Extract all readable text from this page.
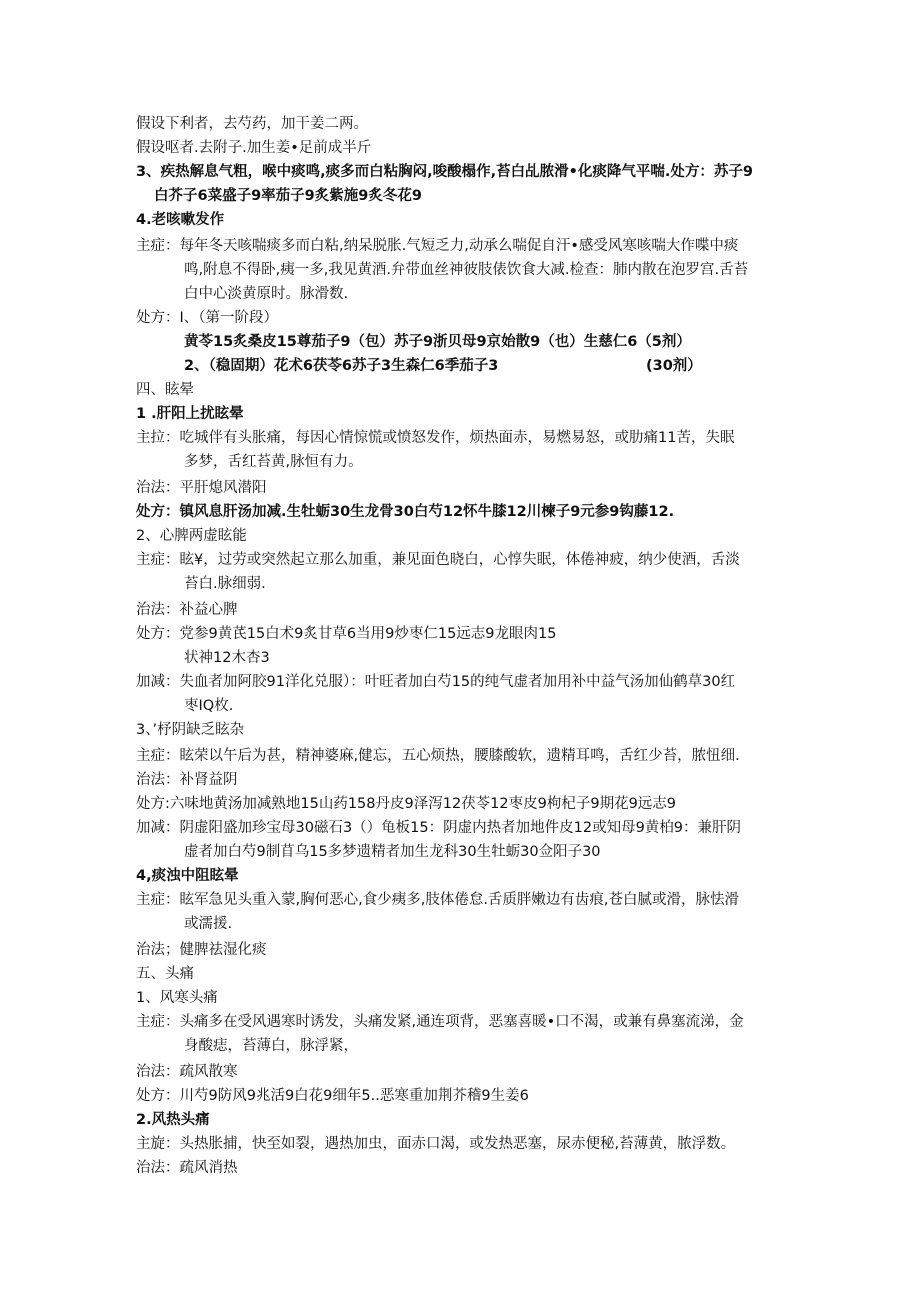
假设下利者，去芍药，加干姜二两。
假设呕者.去附子.加生姜•足前成半斤
3、疾热解息气粗，喉中痰鸣,痰多而白粘胸闷,唆酸榻作,苔白乩脓滑•化痰降气平喘.处方：苏子9
白芥子6菜盛子9率茄子9炙紫施9炙冬花9
4.老咳嗽发作
主症：每年冬天咳喘痰多而白粘,纳呆脱胀.气短乏力,动承么喘促自汗•感受风寒咳喘大作喋中痰
鸣,附息不得卧,痍一多,我见黄酒.弁带血丝神彼肢俵饮食大减.检查：肺内散在泡罗宫.舌苔
白中心淡黄原时。脉滑数.
处方：I、（第一阶段）
黄苓15炙桑皮15尊茄子9（包）苏子9浙贝母9京始散9（也）生慈仁6（5剂）
2、（稳固期）花术6茯苓6苏子3生森仁6季茄子3	(30剂）
四、眩晕
1 .肝阳上扰眩晕
主拉：吃城伴有头胀痛，每因心情惊慌或愤怒发作，烦热面赤，易燃易怒，或肋痛11苦，失眠
多梦，舌红苔黄,脉恒有力。
治法：平肝熄风潜阳
处方：镇风息肝汤加减.生牡蛎30生龙骨30白芍12怀牛膝12川楝子9元参9钩藤12.
2、心脾两虚眩能
主症：眩¥，过劳或突然起立那么加重，兼见面色晓白，心惇失眠，体倦神疲，纳少使酒，舌淡
苔白.脉细弱.
治法：补益心脾
处方：党参9黄芪15白术9炙甘草6当用9炒枣仁15远志9龙眼肉15
状神12木杏3
加减：失血者加阿胶91洋化兑服）：叶旺者加白芍15的纯气虚者加用补中益气汤加仙鹤草30红
枣IQ枚.
3、’杼阴缺乏眩杂
主症：眩荣以午后为甚，精神婆麻,健忘，五心烦热，腰膝酸软，遗精耳鸣，舌红少苔，脓忸细.
治法：补肾益阴
处方:六味地黄汤加减熟地15山药158丹皮9泽泻12茯苓12枣皮9枸杞子9期花9远志9
加减：阴虚阳盛加珍宝母30磁石3（）龟板15：阴虚内热者加地件皮12或知母9黄柏9：兼肝阴
虚者加白芍9制苜乌15多梦遗精者加生龙科30生牡蛎30佥阳子30
4,痰浊中阻眩晕
主症：眩军急见头重入蒙,胸何恶心,食少痍多,肢体倦怠.舌质胖嫩边有齿痕,苍白腻或滑，脉怯滑
或濡援.
治法；健脾祛湿化痰
五、头痛
1、风寒头痛
主症：头痛多在受风遇寒时诱发，头痛发紧,通连项背，恶塞喜暖•口不渴，或兼有鼻塞流涕，金
身酸痣，苔薄白，脉浮紧，
治法：疏风散寒
处方：川芍9防风9兆活9白花9细年5..恶寒重加荆芥稽9生姜6
2.风热头痛
主旋：头热胀捕，快至如裂，遇热加虫，面赤口渴，或发热恶塞，尿赤便秘,苔薄黄，脓浮数。
治法：疏风消热
